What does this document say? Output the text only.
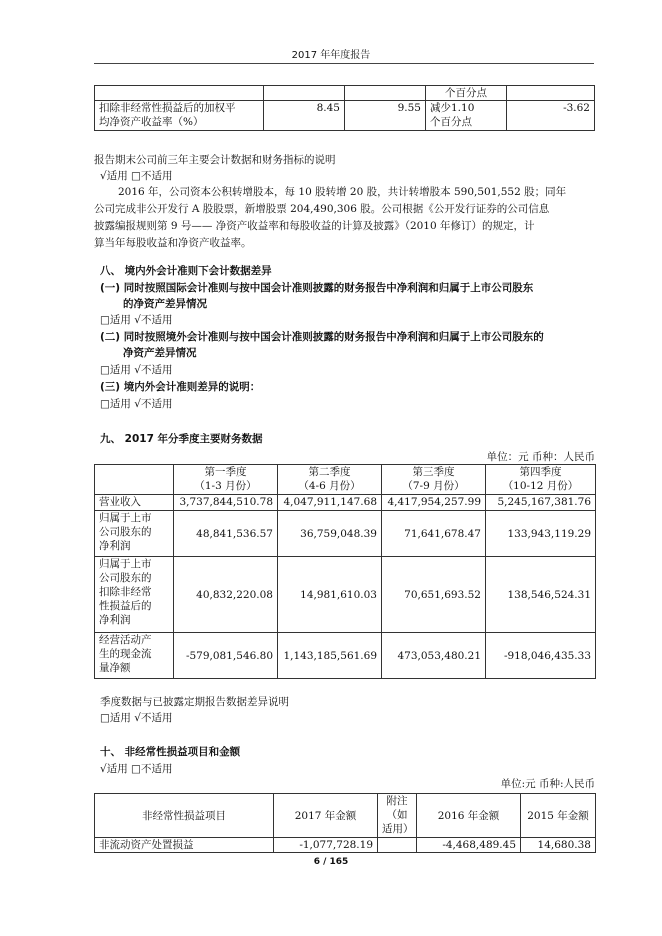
2017 年年度报告
			个百分点	
扣除非经常性损益后的加权平
均净资产收益率（%）	8.45	9.55	减少1.10
个百分点	-3.62

报告期末公司前三年主要会计数据和财务指标的说明

√适用 □不适用

2016 年，公司资本公积转增股本，每 10 股转增 20 股，共计转增股本 590,501,552 股；同年

公司完成非公开发行 A 股股票，新增股票 204,490,306 股。公司根据《公开发行证券的公司信息

披露编报规则第 9 号—— 净资产收益率和每股收益的计算及披露》（2010 年修订）的规定，计

算当年每股收益和净资产收益率。

八、 境内外会计准则下会计数据差异

(一) 同时按照国际会计准则与按中国会计准则披露的财务报告中净利润和归属于上市公司股东

的净资产差异情况

□适用 √不适用

(二) 同时按照境外会计准则与按中国会计准则披露的财务报告中净利润和归属于上市公司股东的

净资产差异情况

□适用 √不适用

(三) 境内外会计准则差异的说明：

□适用 √不适用

九、 2017 年分季度主要财务数据

单位：元 币种：人民币

	第一季度
（1-3 月份）	第二季度
（4-6 月份）	第三季度
（7-9 月份）	第四季度
（10-12 月份）
营业收入	3,737,844,510.78	4,047,911,147.68	4,417,954,257.99	5,245,167,381.76
归属于上市
公司股东的
净利润	48,841,536.57	36,759,048.39	71,641,678.47	133,943,119.29
归属于上市
公司股东的
扣除非经常
性损益后的
净利润	40,832,220.08	14,981,610.03	70,651,693.52	138,546,524.31
经营活动产
生的现金流
量净额	-579,081,546.80	1,143,185,561.69	473,053,480.21	-918,046,435.33

季度数据与已披露定期报告数据差异说明

□适用 √不适用

十、 非经常性损益项目和金额

√适用 □不适用

单位:元 币种:人民币

非经常性损益项目	2017 年金额	附注
（如
适用）	2016 年金额	2015 年金额
非流动资产处置损益	-1,077,728.19		-4,468,489.45	14,680.38
6 / 165
